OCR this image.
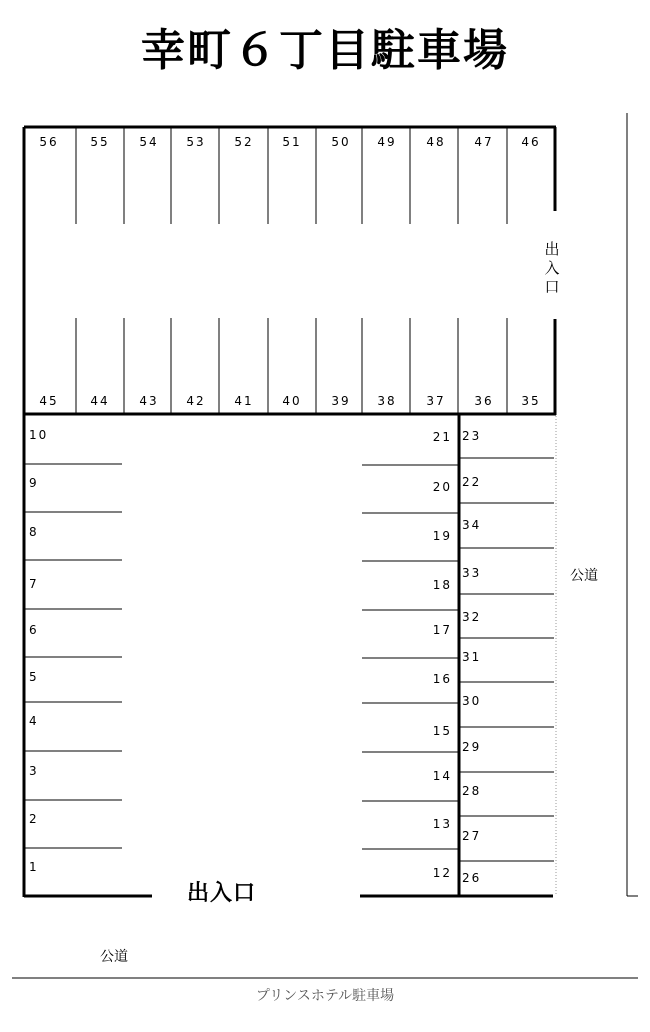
幸町６丁目駐車場
56	55 54 53 52 51 50 49 48 47 46
45	44 43 42 41 40 39 38 37 36 35
10
9
8
7
6
5
4
3
2
1
21
20
19
18
17
16
15
14
13
12
23
22
34
33
32
31
30
29
28
27
26
出
入
口
出入口
公道
公道
プリンスホテル駐車場
